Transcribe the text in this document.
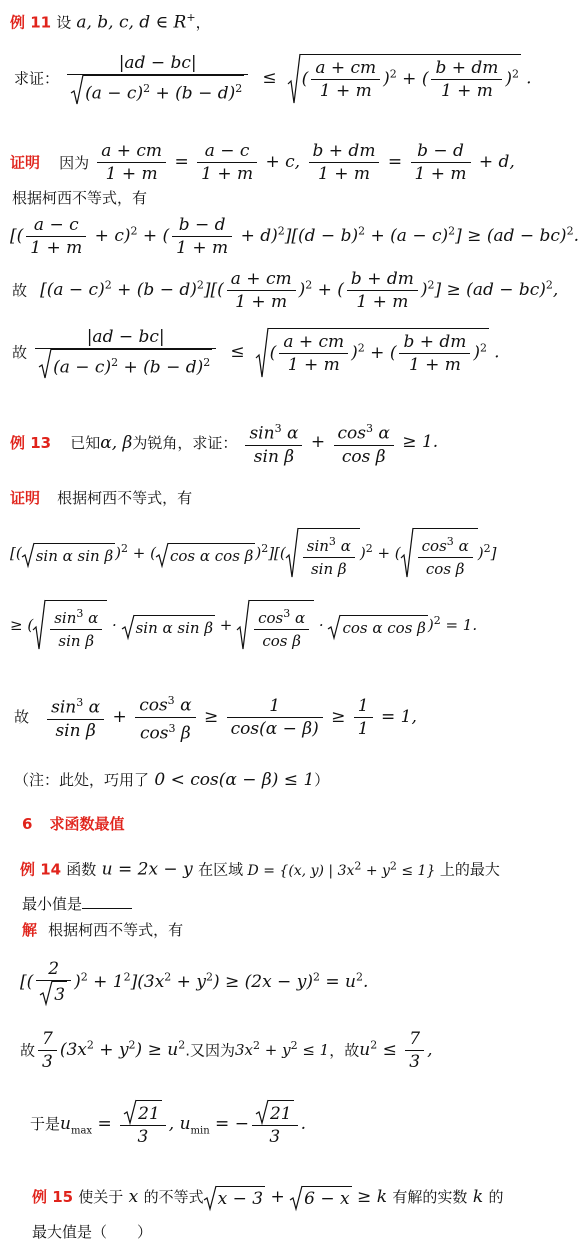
例 11 设 a, b, c, d ∈ R+，
求证： $\frac{|ad - bc|}{(a - c)^2 + (b - d)^2}$ ≤ ( $\frac{a + cm}{1 + m} )^2$ + ( $\frac{b + dm}{1 + m} )^2$ .
证明 因为 $\frac{a + cm}{1 + m} = \frac{a - c}{1 + m} + c$, $\frac{b + dm}{1 + m} = \frac{b - d}{1 + m} + d$,
根据柯西不等式，有
[( $\frac{a - c}{1 + m} + c)^2$ + ( $\frac{b - d}{1 + m} + d)^2][(d - b)^2 + (a - c)^2] \ge (ad - bc)^2$.
故 $[(a - c)^2 + (b - d)^2][( \frac{a + cm}{1 + m} )^2$ + ( $\frac{b + dm}{1 + m} )^2] \ge (ad - bc)^2$,
故 $\frac{|ad - bc|}{(a - c)^2 + (b - d)^2}$ ≤ ( $\frac{a + cm}{1 + m} )^2$ + ( $\frac{b + dm}{1 + m} )^2$ .
例 13 已知α, β为锐角，求证： $\frac{\sin^3 \alpha}{\text{sin β}} + \frac{\cos^3 \alpha}{\text{cos β}} \ge 1$.
证明 根据柯西不等式，有
[( sin α sin β )$^2$ + ( cos α cos β )$^2][( \frac{\sin^3 \alpha}{\text{sin β}} )^2$ + ( $\frac{\cos^3 \alpha}{\text{cos β}} )^2$]
≥ ( $\frac{\sin^3 \alpha}{\text{sin β}}$ ·
sin α $\sin \beta + \frac{\cos^3 \alpha}{\text{cos β}}$ ·
cos α cos β )$^2$ = 1.
故 $\frac{\sin^3 \alpha}{\text{sin β}} + \frac{\cos^3 \alpha}{\cos^3 \beta} \ge \frac{1}{\cos(\alpha - \beta)} \ge \frac{1}{1} = 1$,
（注：此处，巧用了 0 < cos(α − β) ≤ 1）
6 求函数最值
例 14 函数 u = 2x − y 在区域 D = {(x, y) | $3x^2 + y^2 \le 1$} 上的最大
最小值是
解 根据柯西不等式，有
[( $\frac{2}{3} )^2 + 1^2](3x^2 + y^2) \ge (2x - y)^2 = u^2$.
故 $\frac{7}{3} (3x^2 + y^2) \ge u^2$.又因为$3x^2 + y^2 \le 1$，故$u^2 \le \frac{7}{3}$ ,
于是$u_{max} = \frac{21}{3}$ , $u_{min}$ = − $\frac{21}{3}$ .
例 15 使关于 x 的不等式 x − 3 +
6 − x ≥ k 有解的实数 k 的
最大值是（　　）
